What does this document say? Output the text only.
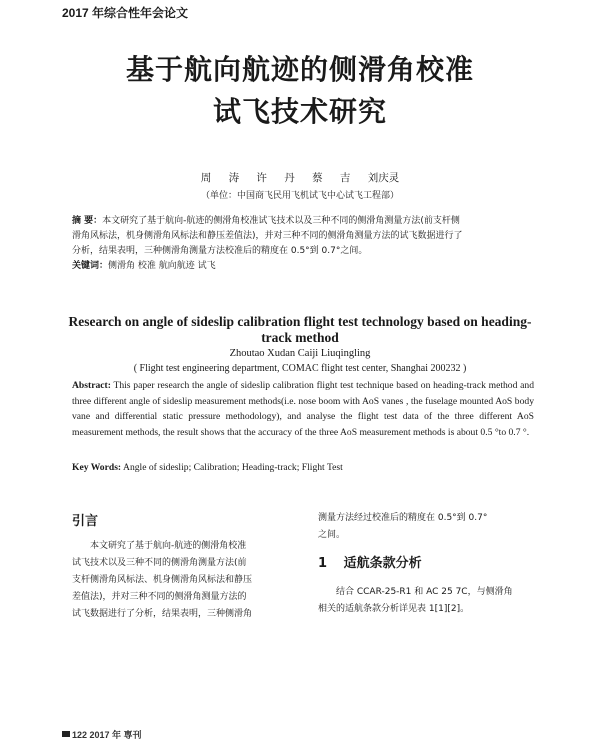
2017 年综合性年会论文
基于航向航迹的侧滑角校准
试飞技术研究
周 涛 许 丹 蔡 吉 刘庆灵
（单位：中国商飞民用飞机试飞中心试飞工程部）
摘 要：本文研究了基于航向-航迹的侧滑角校准试飞技术以及三种不同的侧滑角测量方法(前支杆侧
滑角风标法，机身侧滑角风标法和静压差值法)，并对三种不同的侧滑角测量方法的试飞数据进行了
分析，结果表明，三种侧滑角测量方法校准后的精度在 0.5°到 0.7°之间。
关键词：侧滑角 校准 航向航迹 试飞
Research on angle of sideslip calibration flight test technology based on heading-track method
Zhoutao Xudan Caiji Liuqingling
( Flight test engineering department, COMAC flight test center, Shanghai 200232 )
Abstract: This paper research the angle of sideslip calibration flight test technique based on heading-track method and three different angle of sideslip measurement methods(i.e. nose boom with AoS vanes , the fuselage mounted AoS body vane and differential static pressure methodology), and analyse the flight test data of the three different AoS measurement methods, the result shows that the accuracy of the three AoS measurement methods is about 0.5 °to 0.7 °.
Key Words: Angle of sideslip; Calibration; Heading-track; Flight Test
引言
本文研究了基于航向-航迹的侧滑角校准
试飞技术以及三种不同的侧滑角测量方法(前
支杆侧滑角风标法、机身侧滑角风标法和静压
差值法)，并对三种不同的侧滑角测量方法的
试飞数据进行了分析，结果表明，三种侧滑角
测量方法经过校准后的精度在 0.5°到 0.7°
之间。
1 适航条款分析
结合 CCAR-25-R1 和 AC 25 7C，与侧滑角
相关的适航条款分析详见表 1[1][2]。
122 2017 年 専刊
